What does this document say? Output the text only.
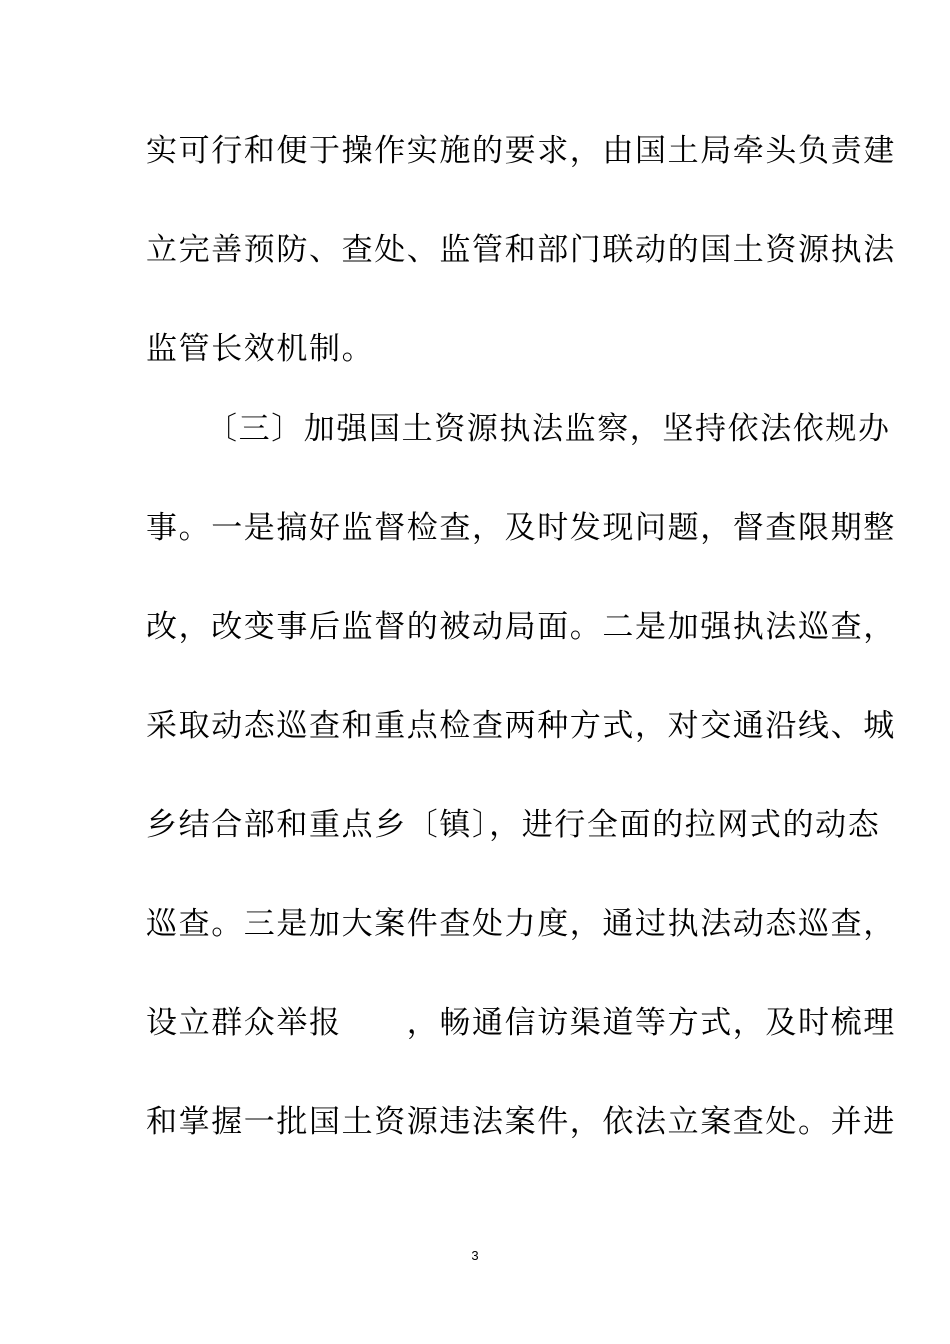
实可行和便于操作实施的要求，由国土局牵头负责建
立完善预防、查处、监管和部门联动的国土资源执法
监管长效机制。
〔三〕加强国土资源执法监察，坚持依法依规办
事。一是搞好监督检查，及时发现问题，督查限期整
改，改变事后监督的被动局面。二是加强执法巡查，
采取动态巡查和重点检查两种方式，对交通沿线、城
乡结合部和重点乡〔镇〕，进行全面的拉网式的动态
巡查。三是加大案件查处力度，通过执法动态巡查，
设立群众举报　　，畅通信访渠道等方式，及时梳理
和掌握一批国土资源违法案件，依法立案查处。并进
3
